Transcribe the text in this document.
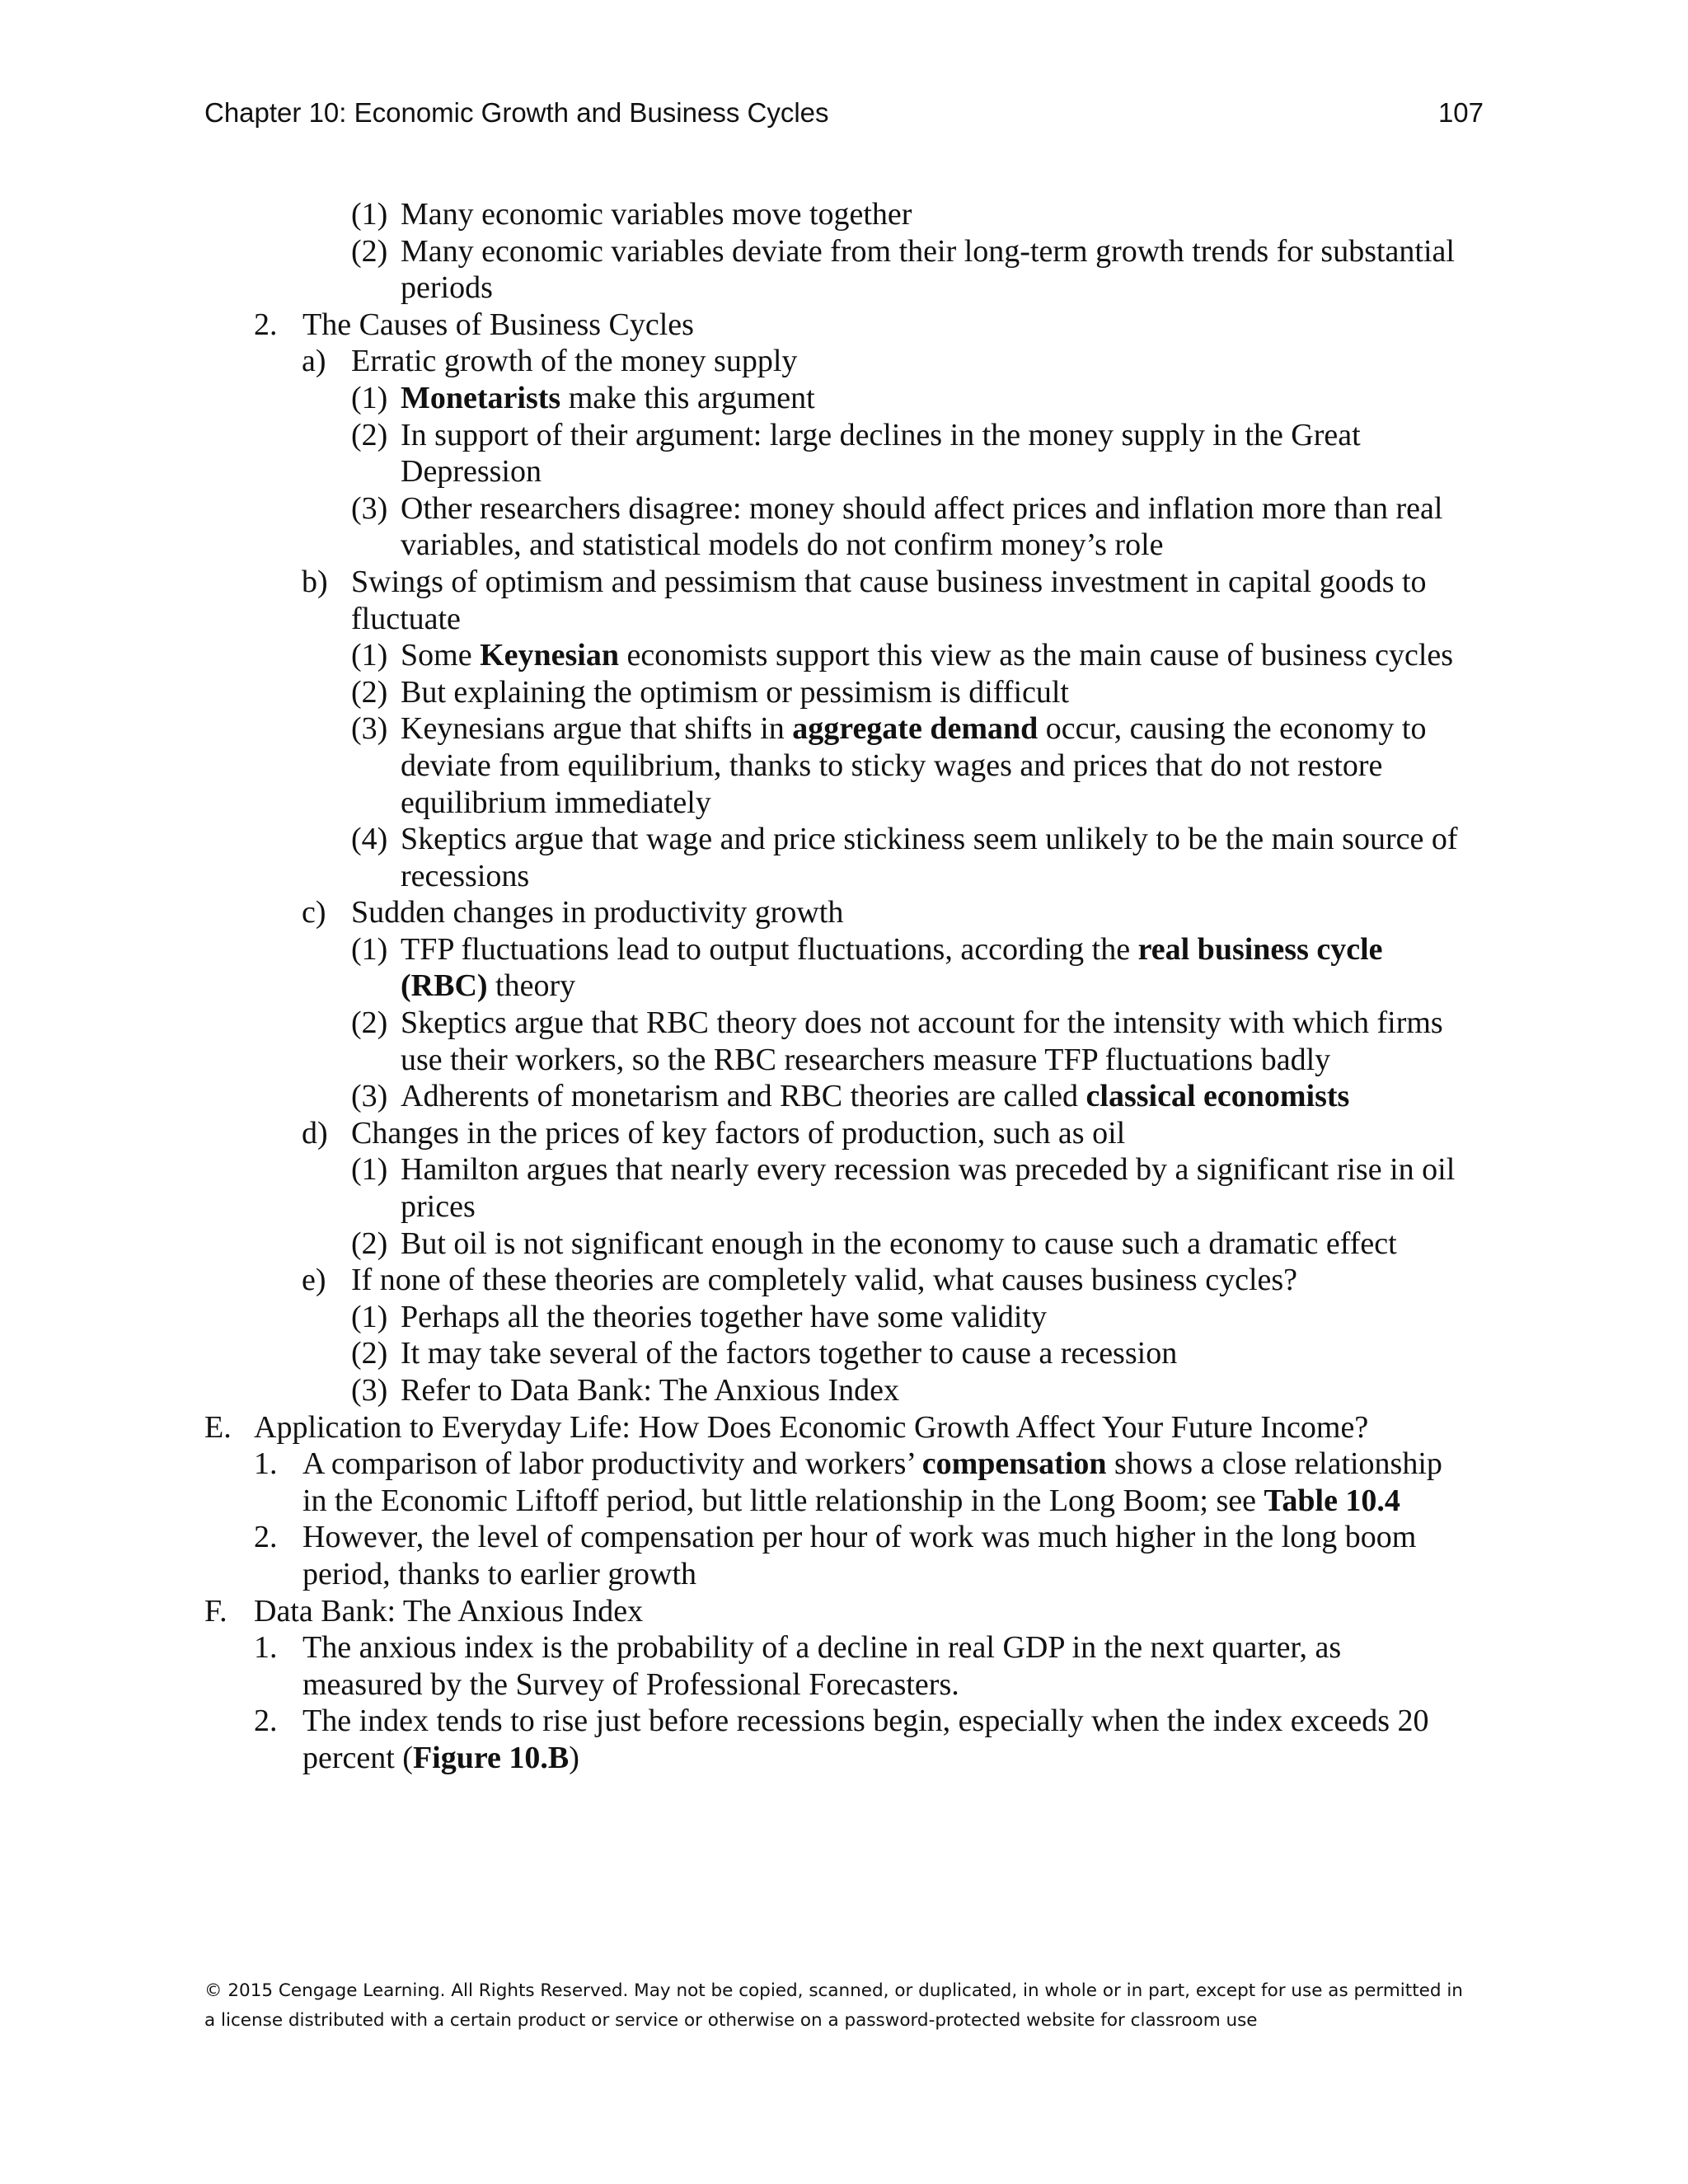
Chapter 10: Economic Growth and Business Cycles	107
(1) Many economic variables move together
(2) Many economic variables deviate from their long-term growth trends for substantial periods
2. The Causes of Business Cycles
a) Erratic growth of the money supply
(1) Monetarists make this argument
(2) In support of their argument: large declines in the money supply in the Great Depression
(3) Other researchers disagree: money should affect prices and inflation more than real variables, and statistical models do not confirm money’s role
b) Swings of optimism and pessimism that cause business investment in capital goods to fluctuate
(1) Some Keynesian economists support this view as the main cause of business cycles
(2) But explaining the optimism or pessimism is difficult
(3) Keynesians argue that shifts in aggregate demand occur, causing the economy to deviate from equilibrium, thanks to sticky wages and prices that do not restore equilibrium immediately
(4) Skeptics argue that wage and price stickiness seem unlikely to be the main source of recessions
c) Sudden changes in productivity growth
(1) TFP fluctuations lead to output fluctuations, according the real business cycle (RBC) theory
(2) Skeptics argue that RBC theory does not account for the intensity with which firms use their workers, so the RBC researchers measure TFP fluctuations badly
(3) Adherents of monetarism and RBC theories are called classical economists
d) Changes in the prices of key factors of production, such as oil
(1) Hamilton argues that nearly every recession was preceded by a significant rise in oil prices
(2) But oil is not significant enough in the economy to cause such a dramatic effect
e) If none of these theories are completely valid, what causes business cycles?
(1) Perhaps all the theories together have some validity
(2) It may take several of the factors together to cause a recession
(3) Refer to Data Bank: The Anxious Index
E. Application to Everyday Life: How Does Economic Growth Affect Your Future Income?
1. A comparison of labor productivity and workers’ compensation shows a close relationship in the Economic Liftoff period, but little relationship in the Long Boom; see Table 10.4
2. However, the level of compensation per hour of work was much higher in the long boom period, thanks to earlier growth
F. Data Bank: The Anxious Index
1. The anxious index is the probability of a decline in real GDP in the next quarter, as measured by the Survey of Professional Forecasters.
2. The index tends to rise just before recessions begin, especially when the index exceeds 20 percent (Figure 10.B)
© 2015 Cengage Learning. All Rights Reserved. May not be copied, scanned, or duplicated, in whole or in part, except for use as permitted in
a license distributed with a certain product or service or otherwise on a password-protected website for classroom use
